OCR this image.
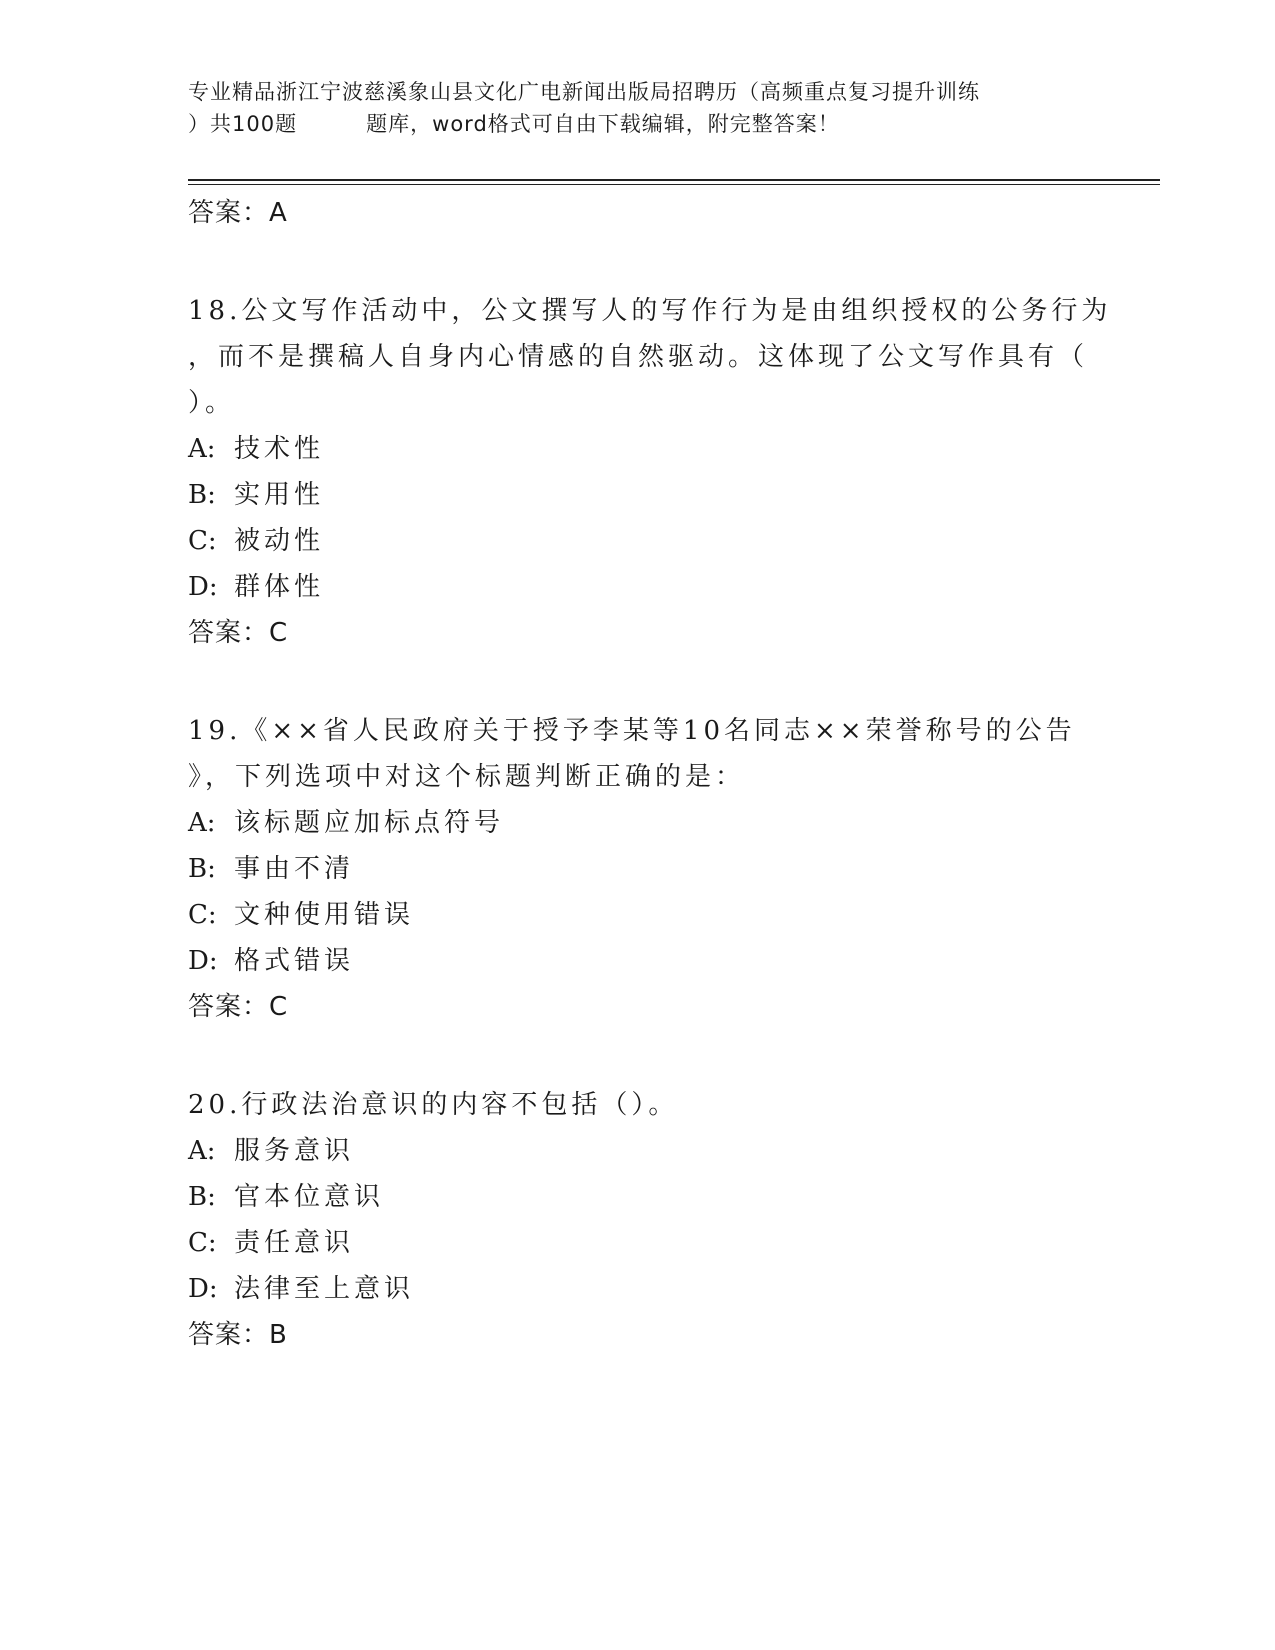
专业精品浙江宁波慈溪象山县文化广电新闻出版局招聘历（高频重点复习提升训练
）共100题         题库，word格式可自由下载编辑，附完整答案！
答案：A
18.公文写作活动中，公文撰写人的写作行为是由组织授权的公务行为
，而不是撰稿人自身内心情感的自然驱动。这体现了公文写作具有（
）。
A: 技术性
B: 实用性
C: 被动性
D: 群体性
答案：C
19.《××省人民政府关于授予李某等10名同志××荣誉称号的公告
》，下列选项中对这个标题判断正确的是：
A: 该标题应加标点符号
B: 事由不清
C: 文种使用错误
D: 格式错误
答案：C
20.行政法治意识的内容不包括（）。
A: 服务意识
B: 官本位意识
C: 责任意识
D: 法律至上意识
答案：B
